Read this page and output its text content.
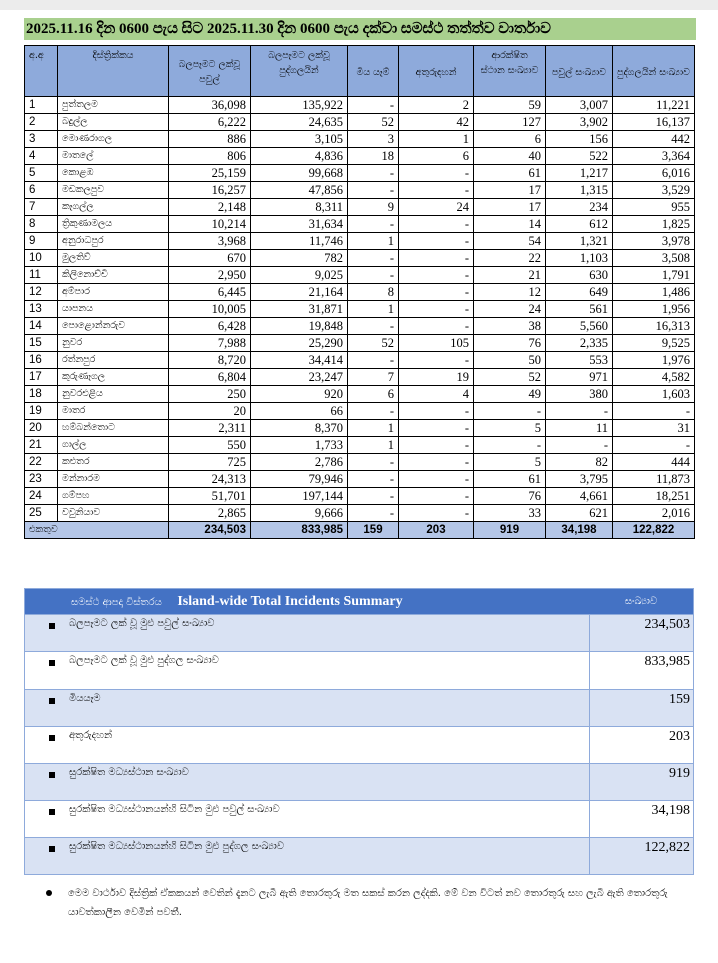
2025.11.16 දින 0600 පැය සිට 2025.11.30 දින 0600 පැය දක්වා සමස්ථ තත්ත්ව වාර්තාව
අ.අ	දිස්ත්‍රික්කය	බලපෑමට ලක්වූ පවුල්	බලපෑමට ලක්වූ පුද්ගලයින්	මිය යෑම්	අතුරුදහන්	ආරක්ෂිත ස්ථාන සංඛ්‍යාව	පවුල් සංඛ්‍යාව	පුද්ගලයින් සංඛ්‍යාව
1	පුත්තලම	36,098	135,922	-	2	59	3,007	11,221
2	බදුල්ල	6,222	24,635	52	42	127	3,902	16,137
3	මොණරාගල	886	3,105	3	1	6	156	442
4	මාතලේ	806	4,836	18	6	40	522	3,364
5	කොළඹ	25,159	99,668	-	-	61	1,217	6,016
6	මඩකලපුව	16,257	47,856	-	-	17	1,315	3,529
7	කෑගල්ල	2,148	8,311	9	24	17	234	955
8	ත්‍රිකුණාමලය	10,214	31,634	-	-	14	612	1,825
9	අනුරාධපුර	3,968	11,746	1	-	54	1,321	3,978
10	මුලතිව්	670	782	-	-	22	1,103	3,508
11	කිලිනොච්චි	2,950	9,025	-	-	21	630	1,791
12	අම්පාර	6,445	21,164	8	-	12	649	1,486
13	යාපනය	10,005	31,871	1	-	24	561	1,956
14	පොළොන්නරුව	6,428	19,848	-	-	38	5,560	16,313
15	නුවර	7,988	25,290	52	105	76	2,335	9,525
16	රත්නපුර	8,720	34,414	-	-	50	553	1,976
17	කුරුණෑගල	6,804	23,247	7	19	52	971	4,582
18	නුවරඑළිය	250	920	6	4	49	380	1,603
19	මාතර	20	66	-	-	-	-	-
20	හම්බන්තොට	2,311	8,370	1	-	5	11	31
21	ගාල්ල	550	1,733	1	-	-	-	-
22	කළුතර	725	2,786	-	-	5	82	444
23	මන්නාරම	24,313	79,946	-	-	61	3,795	11,873
24	ගම්පහ	51,701	197,144	-	-	76	4,661	18,251
25	වවුනියාව	2,865	9,666	-	-	33	621	2,016
එකතුව		234,503	833,985	159	203	919	34,198	122,822
සමස්ථ ආපදා විස්තරය Island-wide Total Incidents Summary	සංඛ්‍යාව
බලපෑමට ලක් වූ මුළු පවුල් සංඛ්‍යාව	234,503
බලපෑමට ලක් වූ මුළු පුද්ගල සංඛ්‍යාව	833,985
මියයෑම	159
අතුරුදහන්	203
සුරක්ෂිත මධ්‍යස්ථාන සංඛ්‍යාව	919
සුරක්ෂිත මධ්‍යස්ථානයන්හි සිටින මුළු පවුල් සංඛ්‍යාව	34,198
සුරක්ෂිත මධ්‍යස්ථානයන්හි සිටින මුළු පුද්ගල සංඛ්‍යාව	122,822
මෙම වාර්ථාව දිස්ත්‍රික් ඒකකයන් වෙතින් දැනට ලැබී ඇති තොරතුරු මත සකස් කරන ලද්දකි. මේ වන විටත් නව තොරතුරු සහ ලැබී ඇති තොරතුරු යාවත්කාලීන වෙමින් පවතී.
